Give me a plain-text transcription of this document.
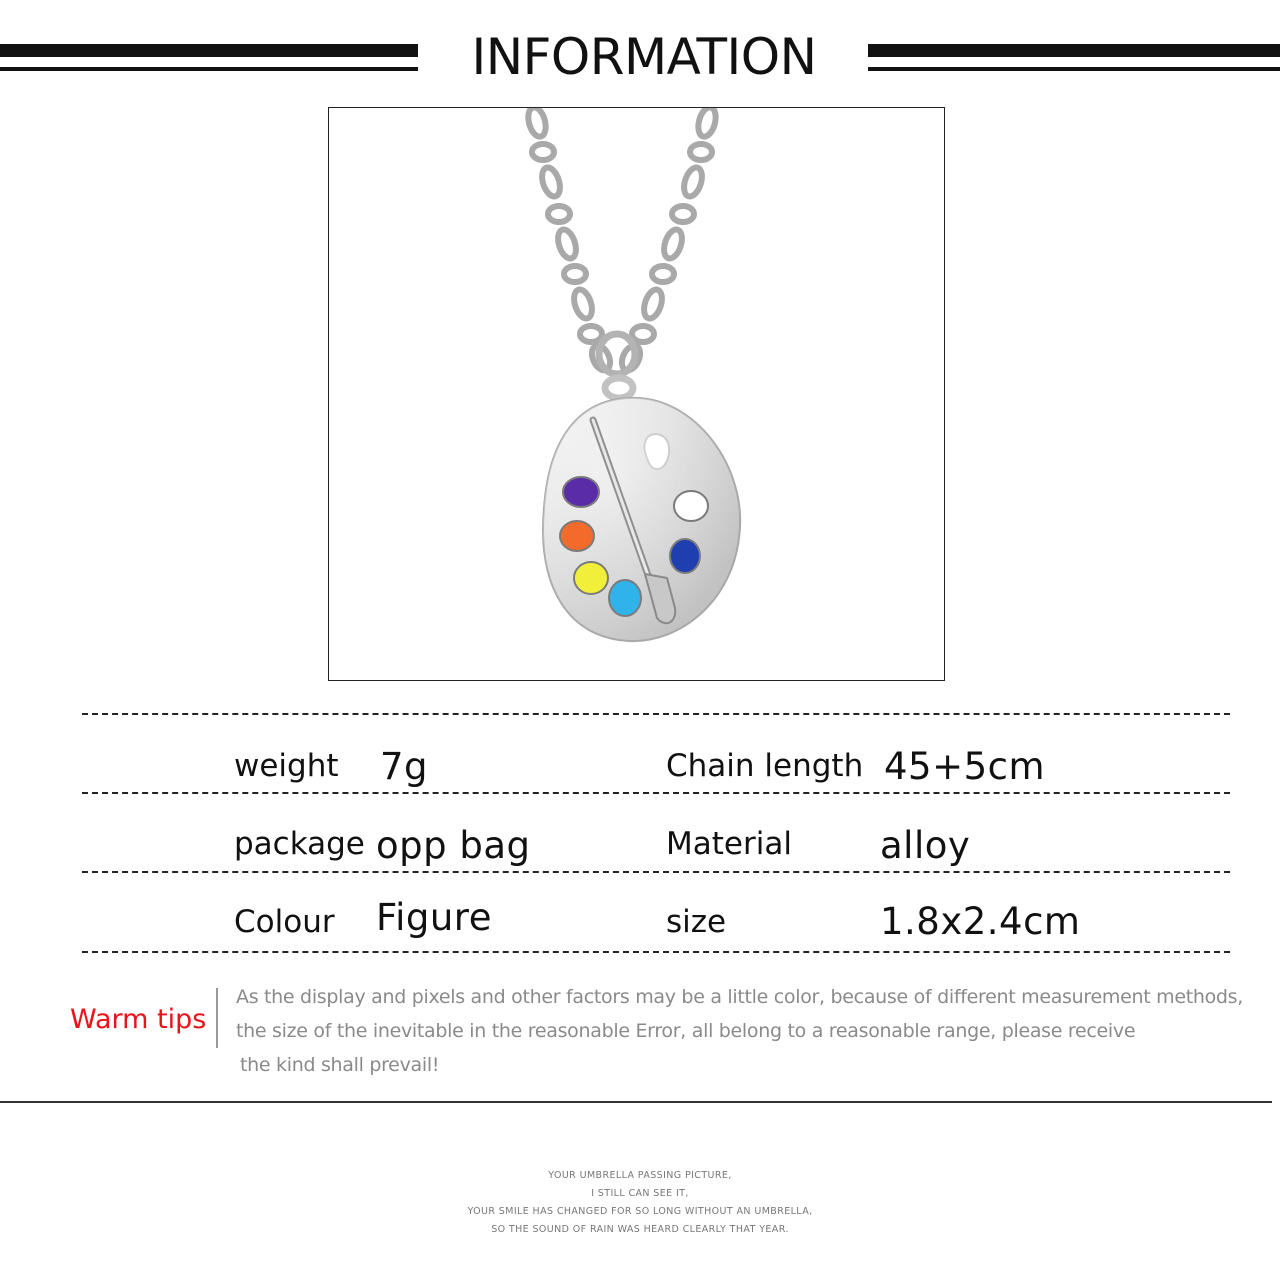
INFORMATION
weight 7g	Chain length 45+5cm
package opp bag	Material alloy
Colour Figure	size	1.8x2.4cm
Warm tips
As the display and pixels and other factors may be a little color, because of different measurement methods,
the size of the inevitable in the reasonable Error, all belong to a reasonable range, please receive
the kind shall prevail!
YOUR UMBRELLA PASSING PICTURE,
I STILL CAN SEE IT,
YOUR SMILE HAS CHANGED FOR SO LONG WITHOUT AN UMBRELLA,
SO THE SOUND OF RAIN WAS HEARD CLEARLY THAT YEAR.
